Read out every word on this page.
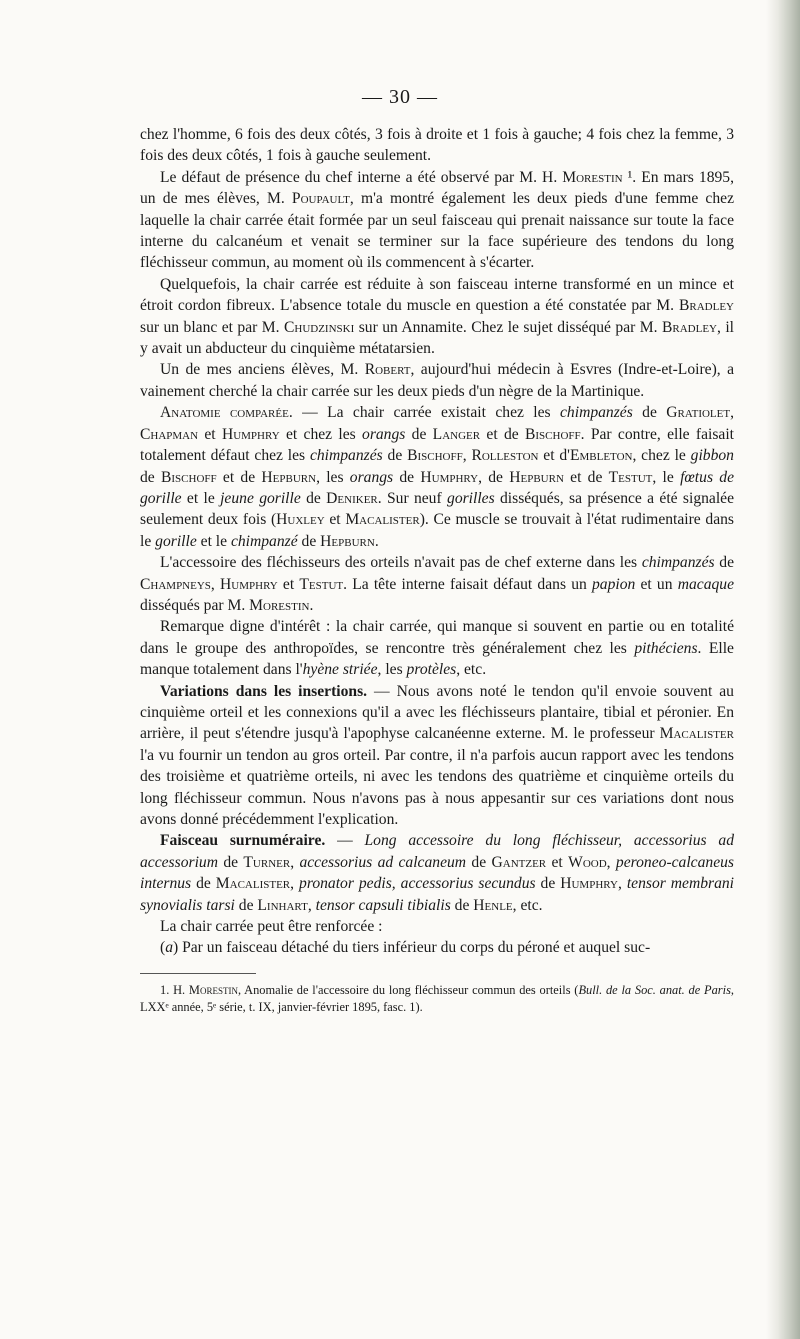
— 30 —

chez l'homme, 6 fois des deux côtés, 3 fois à droite et 1 fois à gauche; 4 fois chez la femme, 3 fois des deux côtés, 1 fois à gauche seulement.

Le défaut de présence du chef interne a été observé par M. H. Morestin ¹. En mars 1895, un de mes élèves, M. Poupault, m'a montré également les deux pieds d'une femme chez laquelle la chair carrée était formée par un seul faisceau qui prenait naissance sur toute la face interne du calcanéum et venait se terminer sur la face supérieure des tendons du long fléchisseur commun, au moment où ils commencent à s'écarter.

Quelquefois, la chair carrée est réduite à son faisceau interne transformé en un mince et étroit cordon fibreux. L'absence totale du muscle en question a été constatée par M. Bradley sur un blanc et par M. Chudzinski sur un Annamite. Chez le sujet disséqué par M. Bradley, il y avait un abducteur du cinquième métatarsien.

Un de mes anciens élèves, M. Robert, aujourd'hui médecin à Esvres (Indre-et-Loire), a vainement cherché la chair carrée sur les deux pieds d'un nègre de la Martinique.

Anatomie comparée. — La chair carrée existait chez les chimpanzés de Gratiolet, Chapman et Humphry et chez les orangs de Langer et de Bischoff. Par contre, elle faisait totalement défaut chez les chimpanzés de Bischoff, Rolleston et d'Embleton, chez le gibbon de Bischoff et de Hepburn, les orangs de Humphry, de Hepburn et de Testut, le fœtus de gorille et le jeune gorille de Deniker. Sur neuf gorilles disséqués, sa présence a été signalée seulement deux fois (Huxley et Macalister). Ce muscle se trouvait à l'état rudimentaire dans le gorille et le chimpanzé de Hepburn.

L'accessoire des fléchisseurs des orteils n'avait pas de chef externe dans les chimpanzés de Champneys, Humphry et Testut. La tête interne faisait défaut dans un papion et un macaque disséqués par M. Morestin.

Remarque digne d'intérêt : la chair carrée, qui manque si souvent en partie ou en totalité dans le groupe des anthropoïdes, se rencontre très généralement chez les pithéciens. Elle manque totalement dans l'hyène striée, les protèles, etc.

Variations dans les insertions. — Nous avons noté le tendon qu'il envoie souvent au cinquième orteil et les connexions qu'il a avec les fléchisseurs plantaire, tibial et péronier. En arrière, il peut s'étendre jusqu'à l'apophyse calcanéenne externe. M. le professeur Macalister l'a vu fournir un tendon au gros orteil. Par contre, il n'a parfois aucun rapport avec les tendons des troisième et quatrième orteils, ni avec les tendons des quatrième et cinquième orteils du long fléchisseur commun. Nous n'avons pas à nous appesantir sur ces variations dont nous avons donné précédemment l'explication.

Faisceau surnuméraire. — Long accessoire du long fléchisseur, accessorius ad accessorium de Turner, accessorius ad calcaneum de Gantzer et Wood, peroneo-calcaneus internus de Macalister, pronator pedis, accessorius secundus de Humphry, tensor membrani synovialis tarsi de Linhart, tensor capsuli tibialis de Henle, etc.

La chair carrée peut être renforcée :

(a) Par un faisceau détaché du tiers inférieur du corps du péroné et auquel suc-

1. H. Morestin, Anomalie de l'accessoire du long fléchisseur commun des orteils (Bull. de la Soc. anat. de Paris, LXXᵉ année, 5ᵉ série, t. IX, janvier-février 1895, fasc. 1).
